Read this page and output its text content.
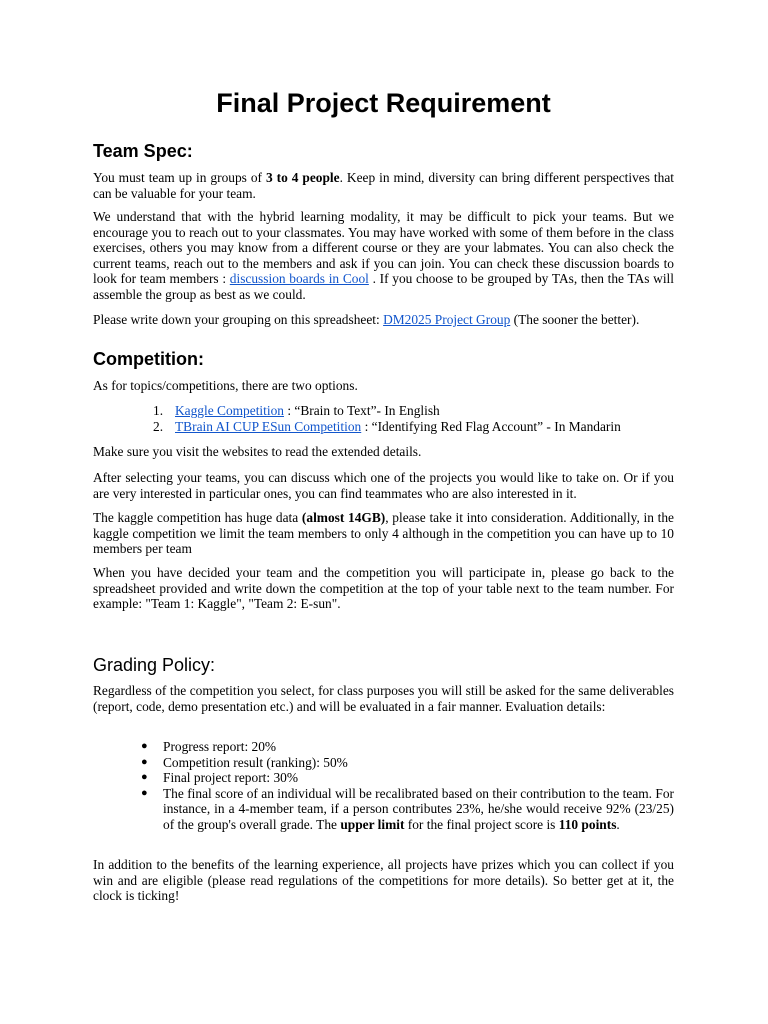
Final Project Requirement
Team Spec:

You must team up in groups of 3 to 4 people. Keep in mind, diversity can bring different perspectives that can be valuable for your team.

We understand that with the hybrid learning modality, it may be difficult to pick your teams. But we encourage you to reach out to your classmates. You may have worked with some of them before in the class exercises, others you may know from a different course or they are your labmates. You can also check the current teams, reach out to the members and ask if you can join. You can check these discussion boards to look for team members : discussion boards in Cool . If you choose to be grouped by TAs, then the TAs will assemble the group as best as we could.

Please write down your grouping on this spreadsheet: DM2025 Project Group (The sooner the better).

Competition:

As for topics/competitions, there are two options.

1. Kaggle Competition : “Brain to Text”- In English
2. TBrain AI CUP ESun Competition : “Identifying Red Flag Account” - In Mandarin

Make sure you visit the websites to read the extended details.

After selecting your teams, you can discuss which one of the projects you would like to take on. Or if you are very interested in particular ones, you can find teammates who are also interested in it.

The kaggle competition has huge data (almost 14GB), please take it into consideration. Additionally, in the kaggle competition we limit the team members to only 4 although in the competition you can have up to 10 members per team

When you have decided your team and the competition you will participate in, please go back to the spreadsheet provided and write down the competition at the top of your table next to the team number. For example: "Team 1: Kaggle", "Team 2: E-sun".

Grading Policy:

Regardless of the competition you select, for class purposes you will still be asked for the same deliverables (report, code, demo presentation etc.) and will be evaluated in a fair manner. Evaluation details:

● Progress report: 20%
● Competition result (ranking): 50%
● Final project report: 30%
● The final score of an individual will be recalibrated based on their contribution to the team. For instance, in a 4-member team, if a person contributes 23%, he/she would receive 92% (23/25) of the group's overall grade. The upper limit for the final project score is 110 points.

In addition to the benefits of the learning experience, all projects have prizes which you can collect if you win and are eligible (please read regulations of the competitions for more details). So better get at it, the clock is ticking!
